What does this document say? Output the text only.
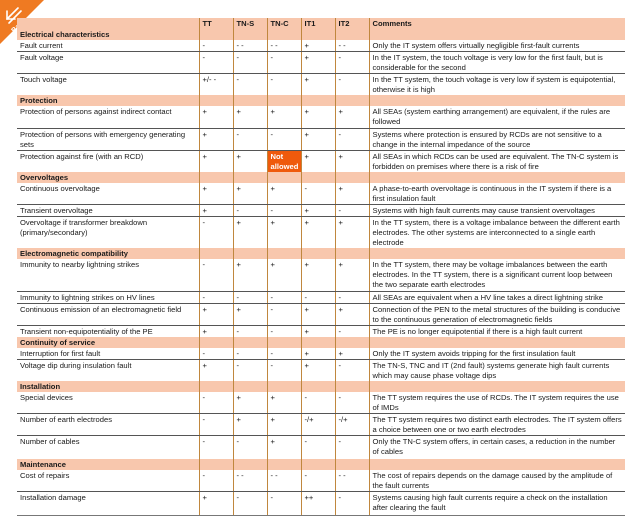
	TT	TN-S	TN-C	IT1	IT2	Comments
Electrical characteristics						
Fault current	-	- -	- -	+	- -	Only the IT system offers virtually negligible first-fault currents
Fault voltage	-	-	-	+	-	In the IT system, the touch voltage is very low for the first fault, but is considerable for the second
Touch voltage	+/- -	-	-	+	-	In the TT system, the touch voltage is very low if system is equipotential, otherwise it is high
Protection						
Protection of persons against indirect contact	+	+	+	+	+	All SEAs (system earthing arrangement) are equivalent, if the rules are followed
Protection of persons with emergency generating sets	+	-	-	+	-	Systems where protection is ensured by RCDs are not sensitive to a change in the internal impedance of the source
Protection against fire (with an RCD)	+	+	Not allowed	+	+	All SEAs in which RCDs can be used are equivalent. The TN-C system is forbidden on premises where there is a risk of fire
Overvoltages						
Continuous overvoltage	+	+	+	-	+	A phase-to-earth overvoltage is continuous in the IT system if there is a first insulation fault
Transient overvoltage	+	-	-	+	-	Systems with high fault currents may cause transient overvoltages
Overvoltage if transformer breakdown (primary/secondary)	-	+	+	+	+	In the TT system, there is a voltage imbalance between the different earth electrodes. The other systems are interconnected to a single earth electrode
Electromagnetic compatibility						
Immunity to nearby lightning strikes	-	+	+	+	+	In the TT system, there may be voltage imbalances between the earth electrodes. In the TT system, there is a significant current loop between the two separate earth electrodes
Immunity to lightning strikes on HV lines	-	-	-	-	-	All SEAs are equivalent when a HV line takes a direct lightning strike
Continuous emission of an electromagnetic field	+	+	-	+	+	Connection of the PEN to the metal structures of the building is conducive to the continuous generation of electromagnetic fields
Transient non-equipotentiality of the PE	+	-	-	+	-	The PE is no longer equipotential if there is a high fault current
Continuity of service						
Interruption for first fault	-	-	-	+	+	Only the IT system avoids tripping for the first insulation fault
Voltage dip during insulation fault	+	-	-	+	-	The TN-S, TNC and IT (2nd fault) systems generate high fault currents which may cause phase voltage dips
Installation						
Special devices	-	+	+	-	-	The TT system requires the use of RCDs. The IT system requires the use of IMDs
Number of earth electrodes	-	+	+	-/+	-/+	The TT system requires two distinct earth electrodes. The IT system offers a choice between one or two earth electrodes
Number of cables	-	-	+	-	-	Only the TN-C system offers, in certain cases, a reduction in the number of cables
Maintenance						
Cost of repairs	-	- -	- -	-	- -	The cost of repairs depends on the damage caused by the amplitude of the fault currents
Installation damage	+	-	-	++	-	Systems causing high fault currents require a check on the installation after clearing the fault
